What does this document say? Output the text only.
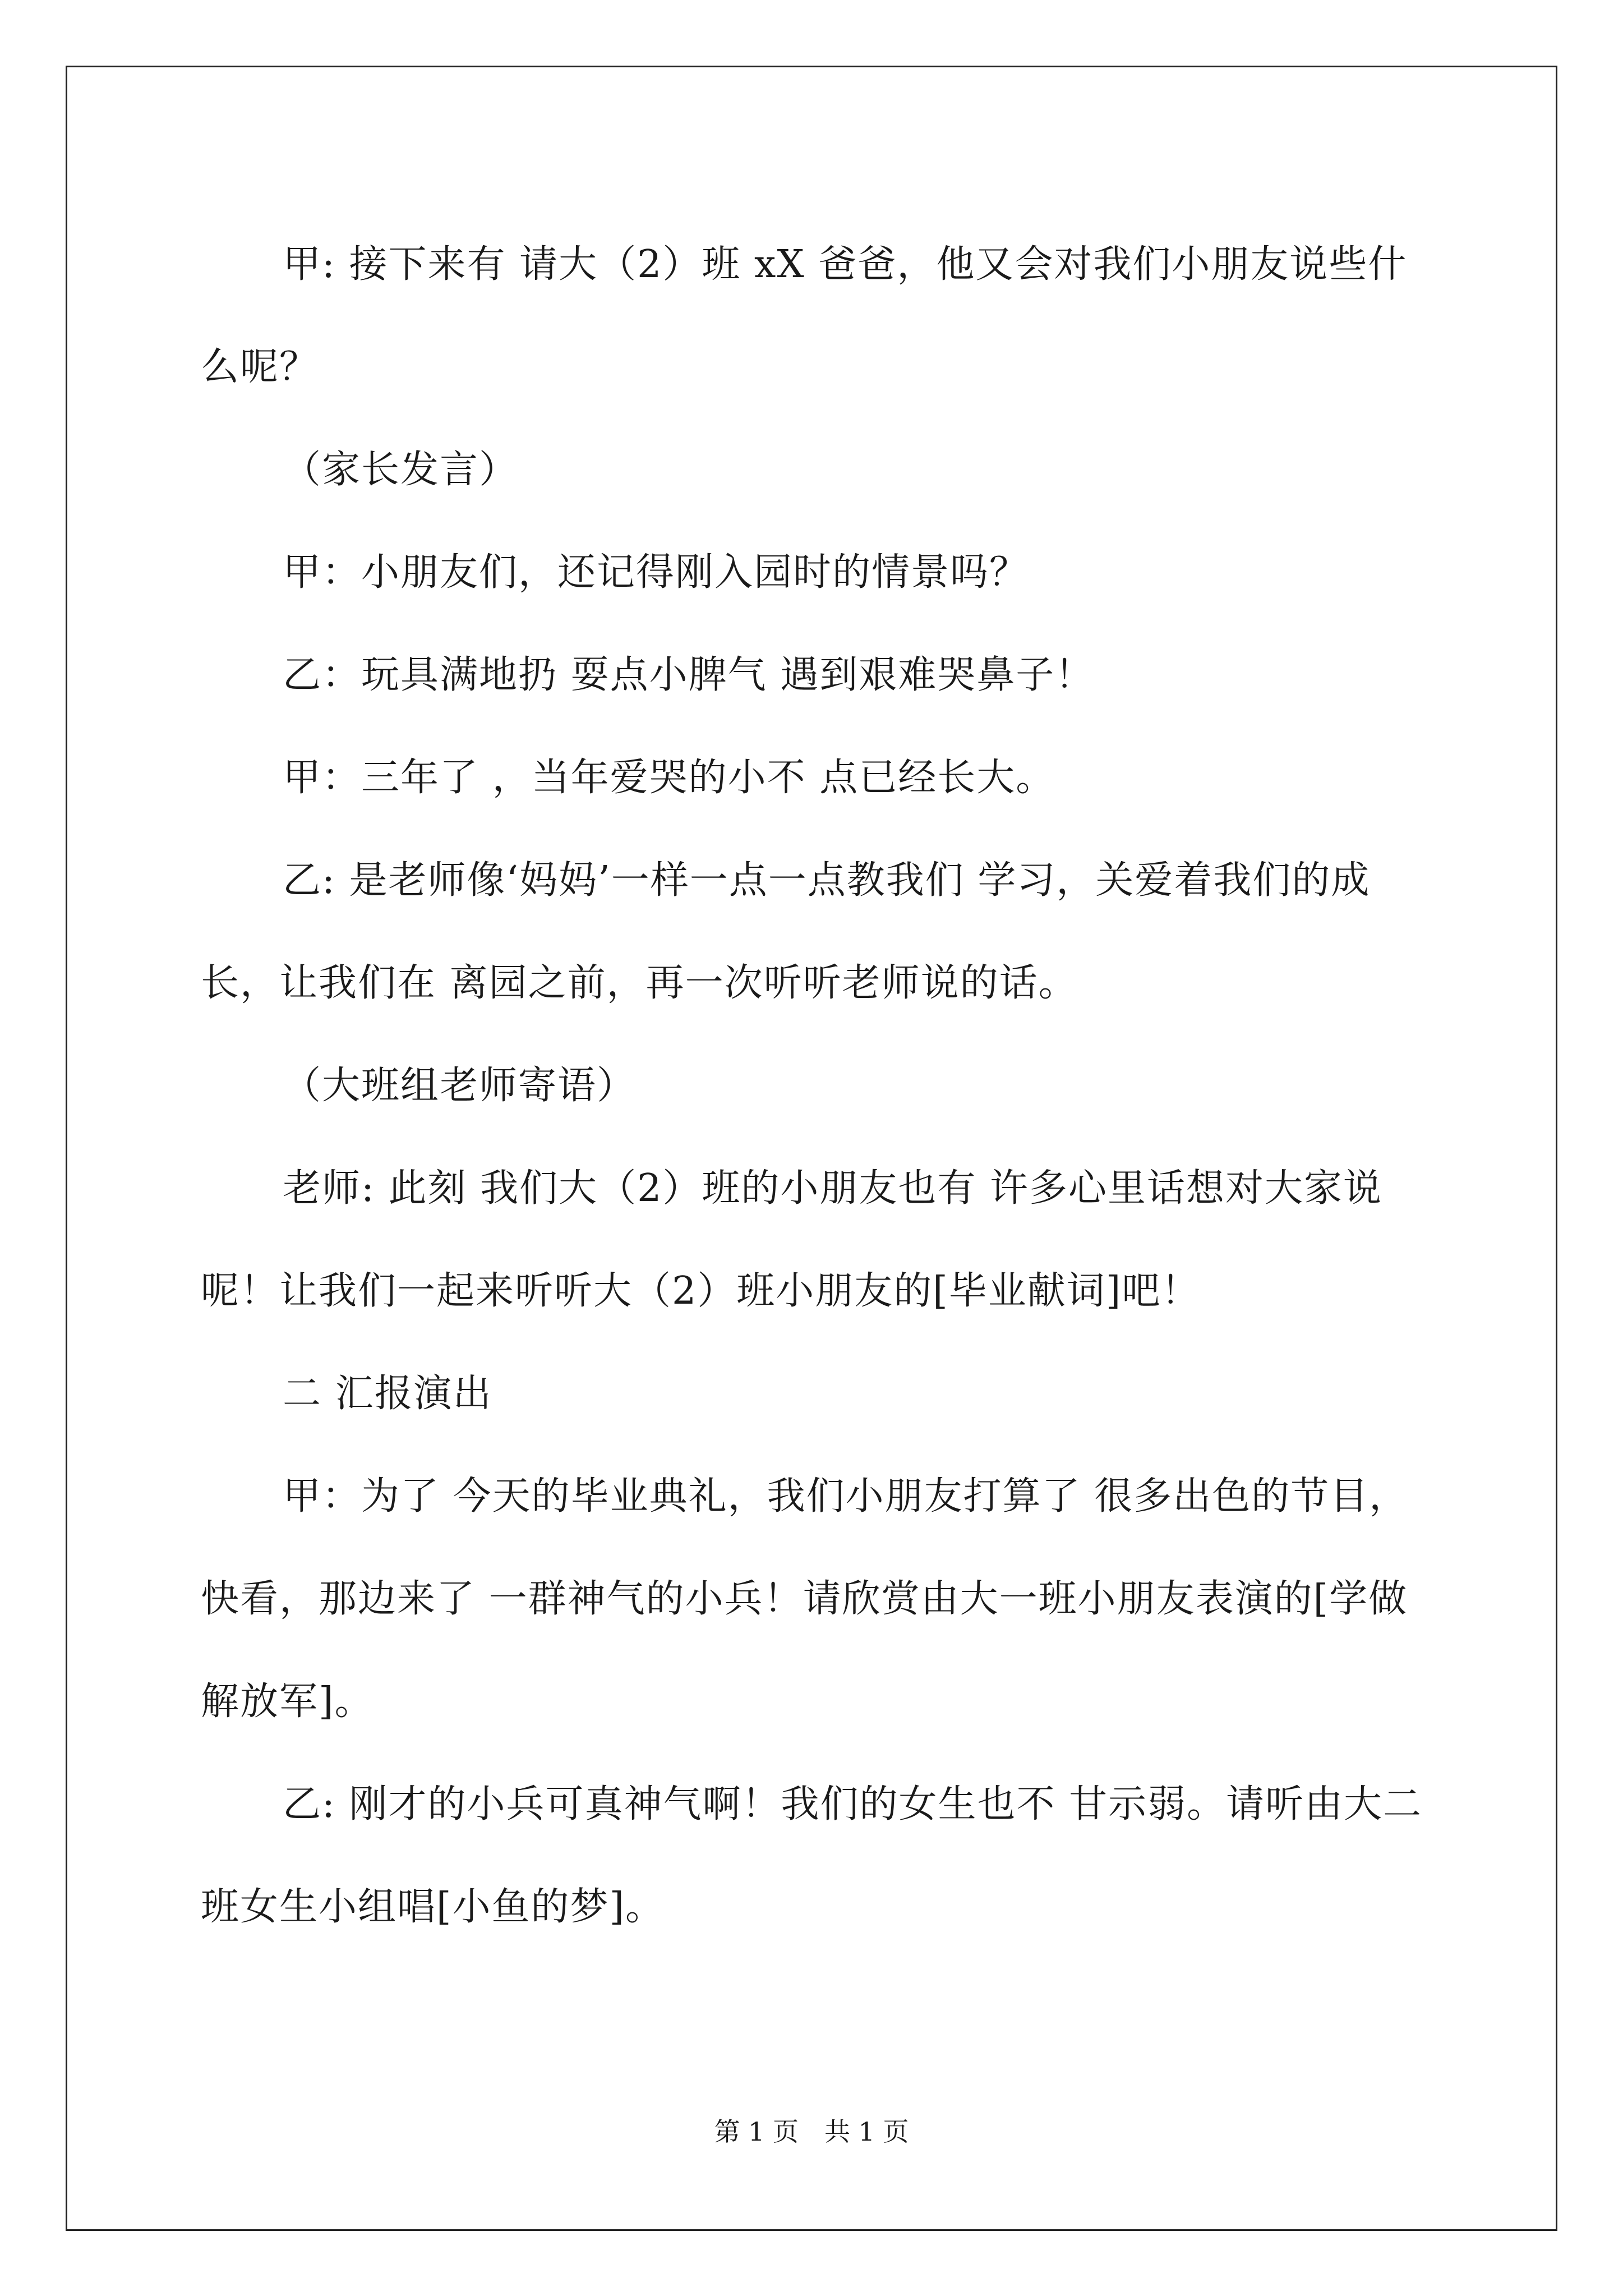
甲: 接下来有 请大（2）班 xX 爸爸，他又会对我们小朋友说些什么呢？

（家长发言）

甲：小朋友们，还记得刚入园时的情景吗？

乙：玩具满地扔 耍点小脾气 遇到艰难哭鼻子！

甲：三年了 ，当年爱哭的小不 点已经长大。

乙: 是老师像‘妈妈’一样一点一点教我们 学习，关爱着我们的成长，让我们在 离园之前，再一次听听老师说的话。

（大班组老师寄语）

老师: 此刻 我们大（2）班的小朋友也有 许多心里话想对大家说呢！让我们一起来听听大（2）班小朋友的[毕业献词]吧！

二 汇报演出

甲：为了 今天的毕业典礼，我们小朋友打算了 很多出色的节目，快看，那边来了 一群神气的小兵！请欣赏由大一班小朋友表演的[学做解放军]。

乙: 刚才的小兵可真神气啊！我们的女生也不 甘示弱。请听由大二班女生小组唱[小鱼的梦]。

第 1 页　共 1 页
